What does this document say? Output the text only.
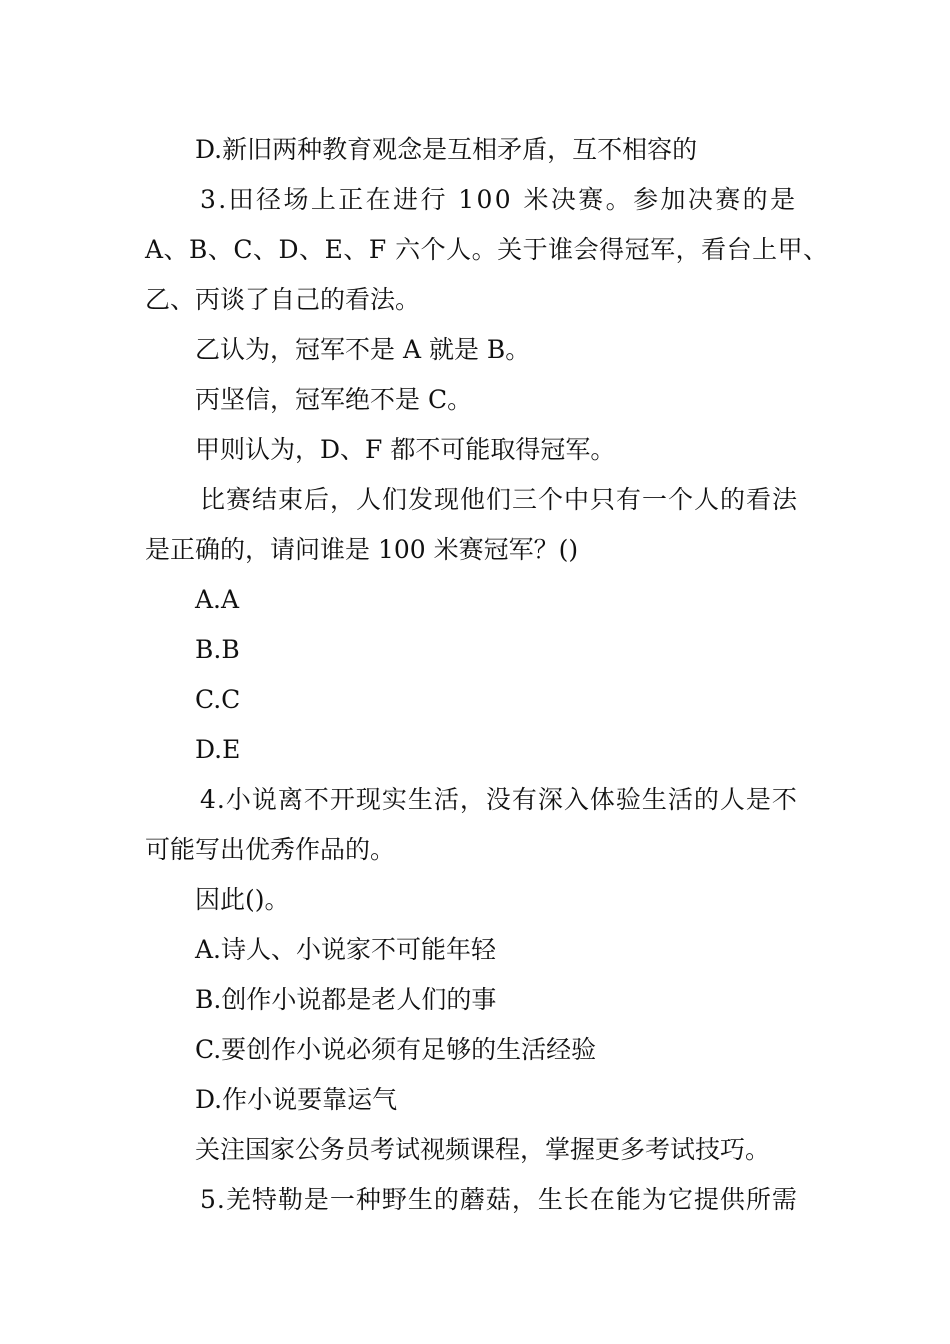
D.新旧两种教育观念是互相矛盾，互不相容的
3.田径场上正在进行 100 米决赛。参加决赛的是
A、B、C、D、E、F 六个人。关于谁会得冠军，看台上甲、
乙、丙谈了自己的看法。
乙认为，冠军不是 A 就是 B。
丙坚信，冠军绝不是 C。
甲则认为，D、F 都不可能取得冠军。
比赛结束后，人们发现他们三个中只有一个人的看法
是正确的，请问谁是 100 米赛冠军？()
A.A
B.B
C.C
D.E
4.小说离不开现实生活，没有深入体验生活的人是不
可能写出优秀作品的。
因此()。
A.诗人、小说家不可能年轻
B.创作小说都是老人们的事
C.要创作小说必须有足够的生活经验
D.作小说要靠运气
关注国家公务员考试视频课程，掌握更多考试技巧。
5.羌特勒是一种野生的蘑菇，生长在能为它提供所需
